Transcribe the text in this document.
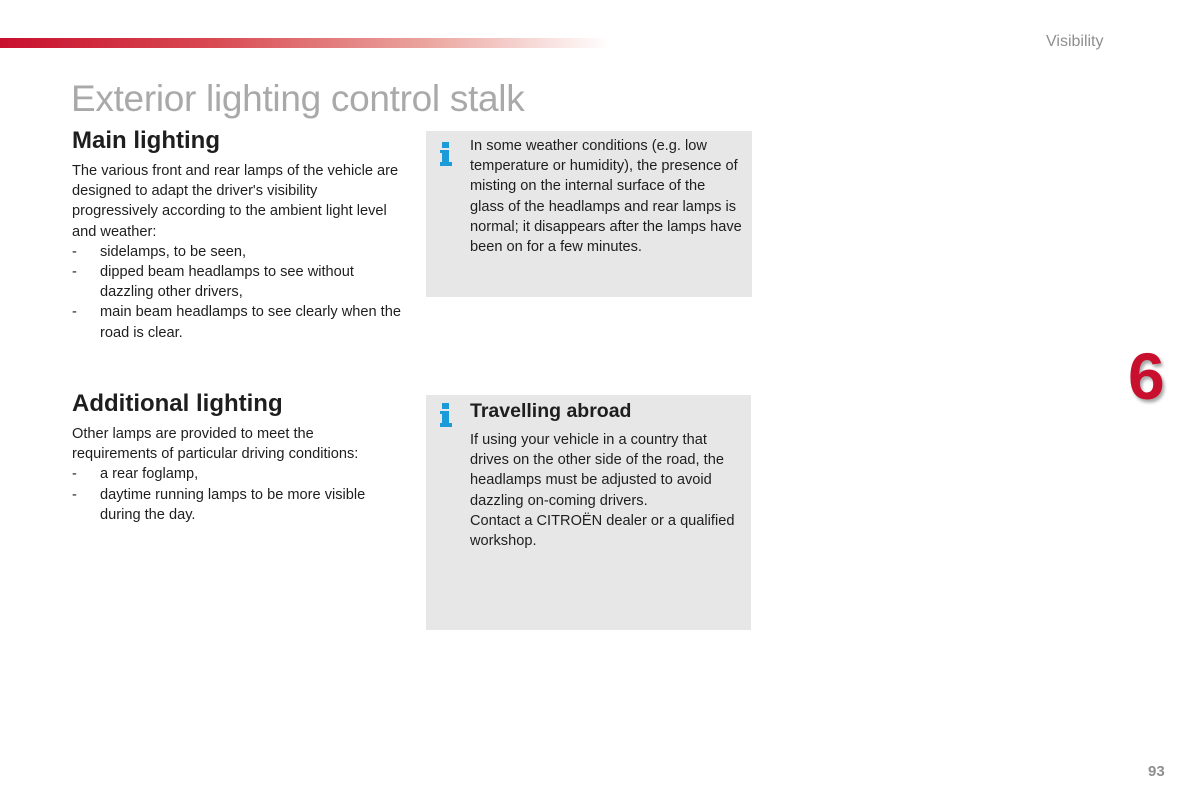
Visibility
Exterior lighting control stalk
Main lighting

The various front and rear lamps of the vehicle are designed to adapt the driver's visibility progressively according to the ambient light level and weather:

- sidelamps, to be seen,
- dipped beam headlamps to see without dazzling other drivers,
- main beam headlamps to see clearly when the road is clear.
Additional lighting

Other lamps are provided to meet the requirements of particular driving conditions:

- a rear foglamp,
- daytime running lamps to be more visible during the day.
In some weather conditions (e.g. low temperature or humidity), the presence of misting on the internal surface of the glass of the headlamps and rear lamps is normal; it disappears after the lamps have been on for a few minutes.
Travelling abroad
If using your vehicle in a country that drives on the other side of the road, the headlamps must be adjusted to avoid dazzling on-coming drivers.
Contact a CITROËN dealer or a qualified workshop.
6
93
